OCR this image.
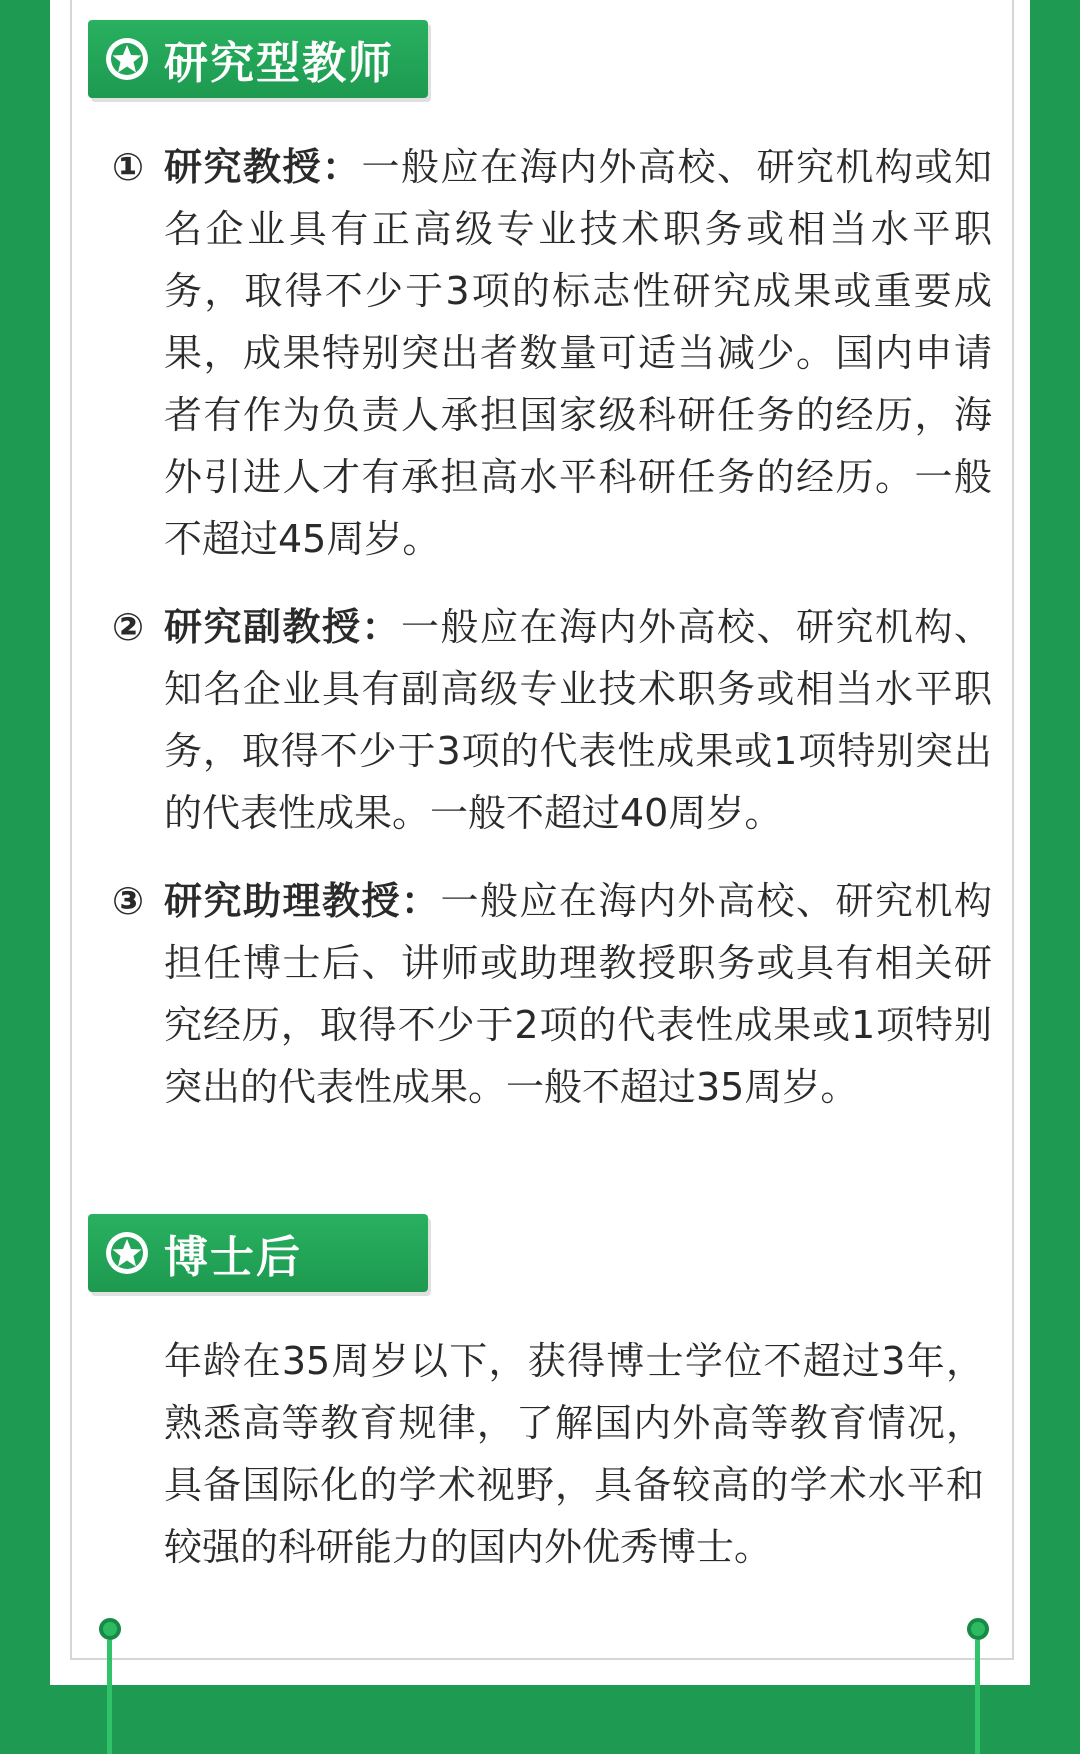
研究型教师
① 研究教授：一般应在海内外高校、研究机构或知名企业具有正高级专业技术职务或相当水平职务，取得不少于3项的标志性研究成果或重要成果，成果特别突出者数量可适当减少。国内申请者有作为负责人承担国家级科研任务的经历，海外引进人才有承担高水平科研任务的经历。一般不超过45周岁。
② 研究副教授：一般应在海内外高校、研究机构、知名企业具有副高级专业技术职务或相当水平职务，取得不少于3项的代表性成果或1项特别突出的代表性成果。一般不超过40周岁。
③ 研究助理教授：一般应在海内外高校、研究机构担任博士后、讲师或助理教授职务或具有相关研究经历，取得不少于2项的代表性成果或1项特别突出的代表性成果。一般不超过35周岁。
博士后
年龄在35周岁以下，获得博士学位不超过3年，熟悉高等教育规律，了解国内外高等教育情况，具备国际化的学术视野，具备较高的学术水平和较强的科研能力的国内外优秀博士。
